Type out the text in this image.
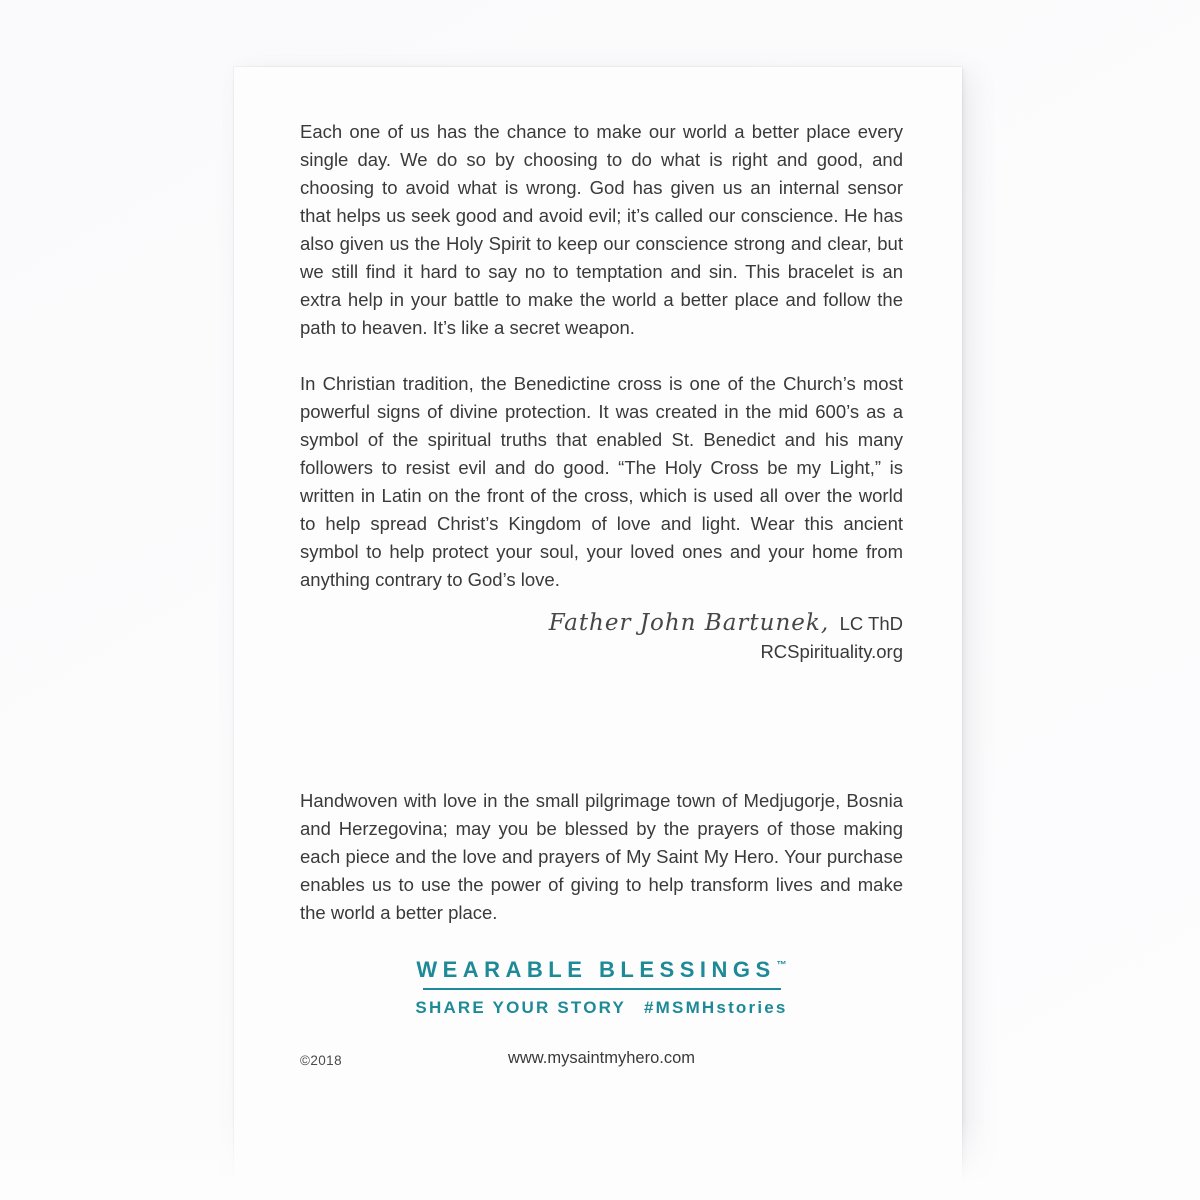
Each one of us has the chance to make our world a better place every single day. We do so by choosing to do what is right and good, and choosing to avoid what is wrong. God has given us an internal sensor that helps us seek good and avoid evil; it’s called our conscience. He has also given us the Holy Spirit to keep our conscience strong and clear, but we still find it hard to say no to temptation and sin. This bracelet is an extra help in your battle to make the world a better place and follow the path to heaven. It’s like a secret weapon.

In Christian tradition, the Benedictine cross is one of the Church’s most powerful signs of divine protection. It was created in the mid 600’s as a symbol of the spiritual truths that enabled St. Benedict and his many followers to resist evil and do good. “The Holy Cross be my Light,” is written in Latin on the front of the cross, which is used all over the world to help spread Christ’s Kingdom of love and light. Wear this ancient symbol to help protect your soul, your loved ones and your home from anything contrary to God’s love.

Father John Bartunek, LC ThD
RCSpirituality.org

Handwoven with love in the small pilgrimage town of Medjugorje, Bosnia and Herzegovina; may you be blessed by the prayers of those making each piece and the love and prayers of My Saint My Hero. Your purchase enables us to use the power of giving to help transform lives and make the world a better place.

WEARABLE BLESSINGS™
SHARE YOUR STORY #MSMHstories
©2018	www.mysaintmyhero.com
